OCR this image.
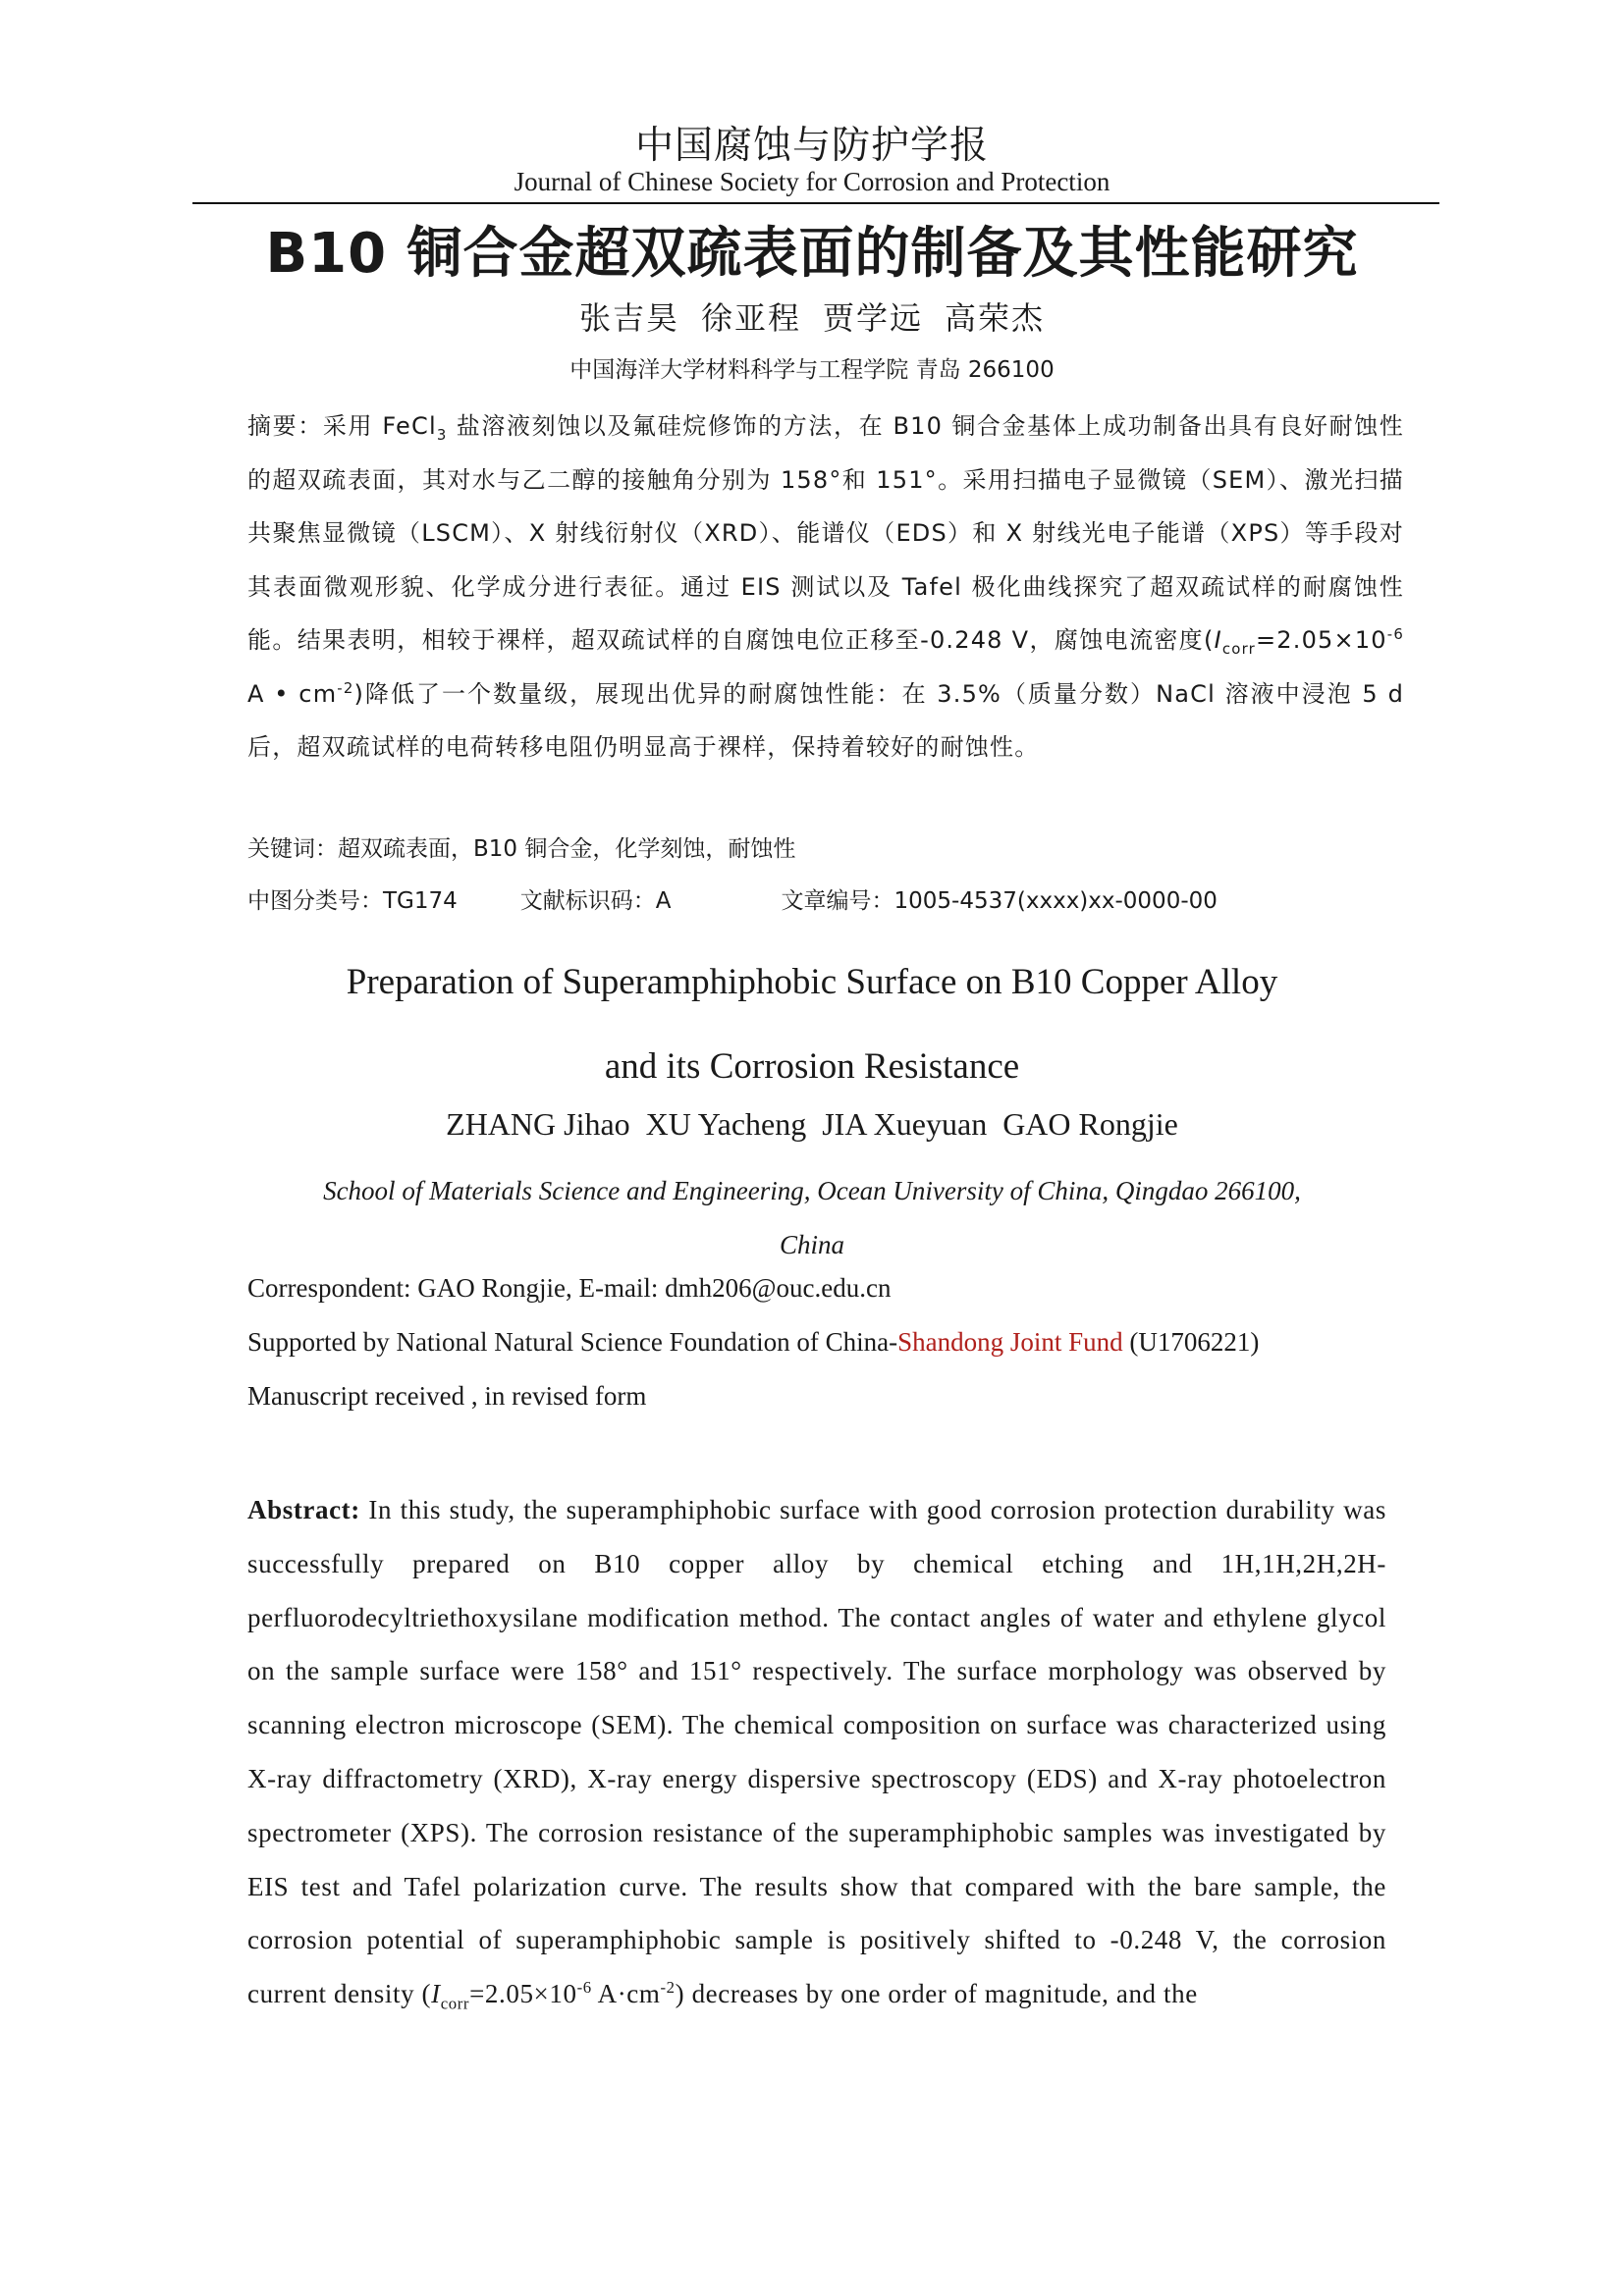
中国腐蚀与防护学报
Journal of Chinese Society for Corrosion and Protection
B10 铜合金超双疏表面的制备及其性能研究
张吉昊 徐亚程 贾学远 高荣杰
中国海洋大学材料科学与工程学院 青岛 266100
摘要：采用 FeCl$_3$ 盐溶液刻蚀以及氟硅烷修饰的方法，在 B10 铜合金基体上成功制备出具有良好耐蚀性的超双疏表面，其对水与乙二醇的接触角分别为 158°和 151°。采用扫描电子显微镜（SEM）、激光扫描共聚焦显微镜（LSCM）、X 射线衍射仪（XRD）、能谱仪（EDS）和 X 射线光电子能谱（XPS）等手段对其表面微观形貌、化学成分进行表征。通过 EIS 测试以及 Tafel 极化曲线探究了超双疏试样的耐腐蚀性能。结果表明，相较于裸样，超双疏试样的自腐蚀电位正移至-0.248 V，腐蚀电流密度($I_{corr}=2.05\times 10^{-6}$ A • $cm^{-2}$)降低了一个数量级，展现出优异的耐腐蚀性能：在 3.5%（质量分数）NaCl 溶液中浸泡 5 d 后，超双疏试样的电荷转移电阻仍明显高于裸样，保持着较好的耐蚀性。
关键词：超双疏表面，B10 铜合金，化学刻蚀，耐蚀性
中图分类号：TG174	文献标识码：A	文章编号：1005-4537(xxxx)xx-0000-00
Preparation of Superamphiphobic Surface on B10 Copper Alloy
and its Corrosion Resistance
ZHANG Jihao  XU Yacheng  JIA Xueyuan  GAO Rongjie
School of Materials Science and Engineering, Ocean University of China, Qingdao 266100,
China
Correspondent: GAO Rongjie, E-mail: dmh206@ouc.edu.cn
Supported by National Natural Science Foundation of China-Shandong Joint Fund (U1706221)
Manuscript received , in revised form
Abstract: In this study, the superamphiphobic surface with good corrosion protection durability was successfully prepared on B10 copper alloy by chemical etching and 1H,1H,2H,2H-perfluorodecyltriethoxysilane modification method. The contact angles of water and ethylene glycol on the sample surface were 158° and 151° respectively. The surface morphology was observed by scanning electron microscope (SEM). The chemical composition on surface was characterized using X-ray diffractometry (XRD), X-ray energy dispersive spectroscopy (EDS) and X-ray photoelectron spectrometer (XPS). The corrosion resistance of the superamphiphobic samples was investigated by EIS test and Tafel polarization curve. The results show that compared with the bare sample, the corrosion potential of superamphiphobic sample is positively shifted to -0.248 V, the corrosion current density ($I_{corr}=2.05\times 10^{-6}$ $A\cdot cm^{-2}$) decreases by one order of magnitude, and the
